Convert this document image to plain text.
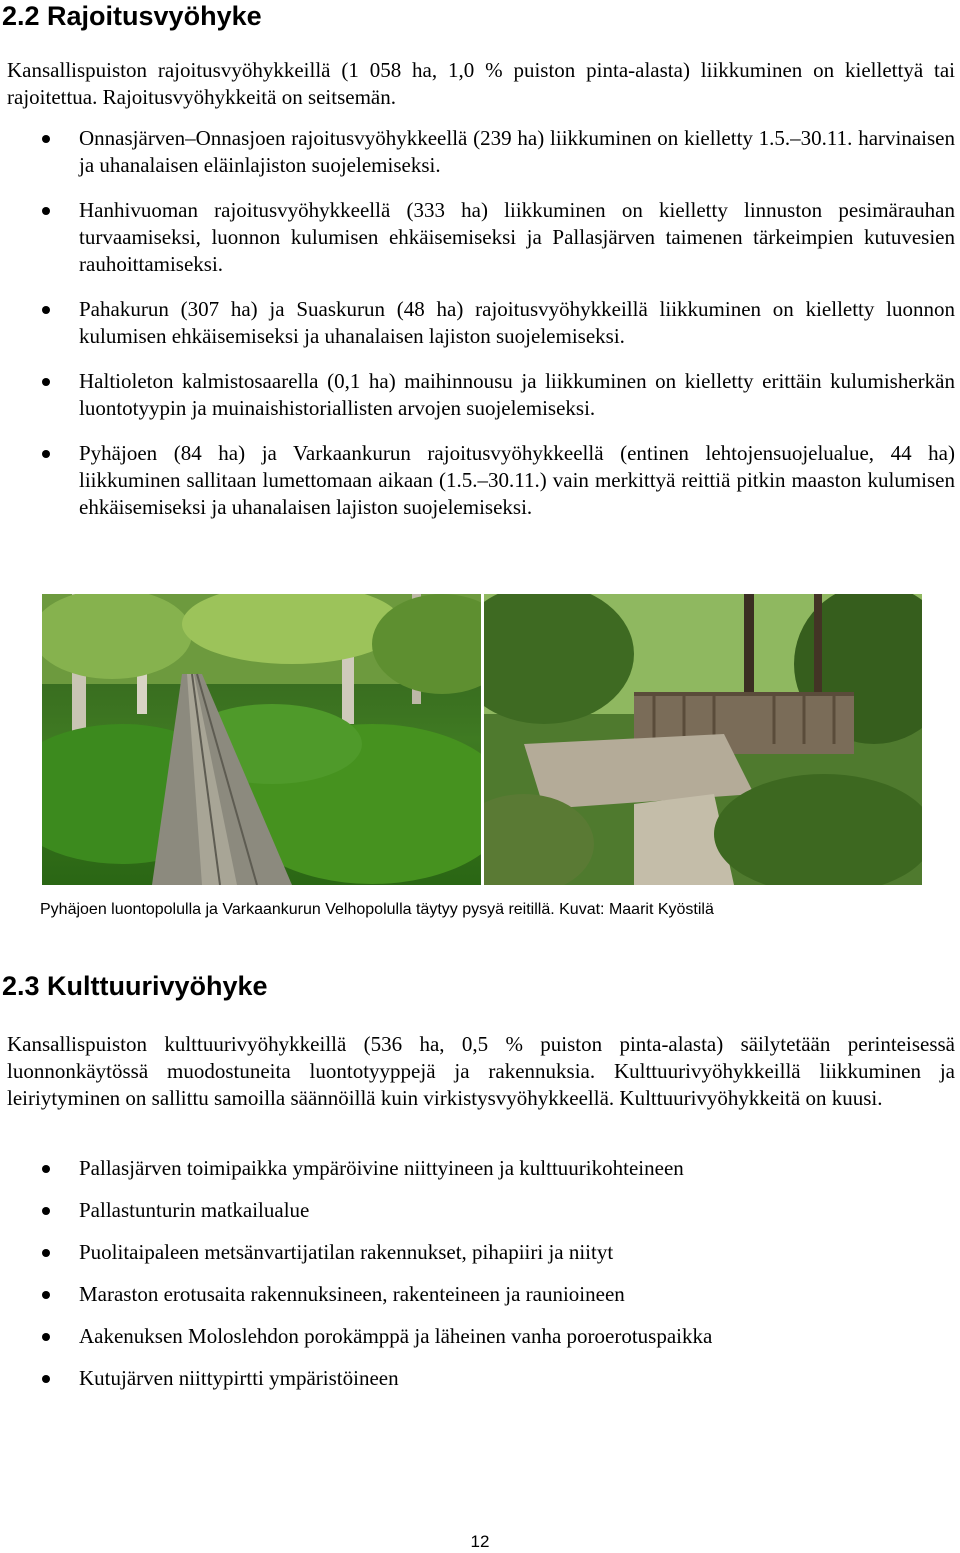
2.2 Rajoitusvyöhyke

Kansallispuiston rajoitusvyöhykkeillä (1 058 ha, 1,0 % puiston pinta-alasta) liikkuminen on kiellettyä tai rajoitettua. Rajoitusvyöhykkeitä on seitsemän.

Onnasjärven–Onnasjoen rajoitusvyöhykkeellä (239 ha) liikkuminen on kielletty 1.5.–30.11. harvinaisen ja uhanalaisen eläinlajiston suojelemiseksi.
Hanhivuoman rajoitusvyöhykkeellä (333 ha) liikkuminen on kielletty linnuston pesimärauhan turvaamiseksi, luonnon kulumisen ehkäisemiseksi ja Pallasjärven taimenen tärkeimpien kutuvesien rauhoittamiseksi.
Pahakurun (307 ha) ja Suaskurun (48 ha) rajoitusvyöhykkeillä liikkuminen on kielletty luonnon kulumisen ehkäisemiseksi ja uhanalaisen lajiston suojelemiseksi.
Haltioleton kalmistosaarella (0,1 ha) maihinnousu ja liikkuminen on kielletty erittäin kulumisherkän luontotyypin ja muinaishistoriallisten arvojen suojelemiseksi.
Pyhäjoen (84 ha) ja Varkaankurun rajoitusvyöhykkeellä (entinen lehtojensuojelualue, 44 ha) liikkuminen sallitaan lumettomaan aikaan (1.5.–30.11.) vain merkittyä reittiä pitkin maaston kulumisen ehkäisemiseksi ja uhanalaisen lajiston suojelemiseksi.

Pyhäjoen luontopolulla ja Varkaankurun Velhopolulla täytyy pysyä reitillä. Kuvat: Maarit Kyöstilä

2.3 Kulttuurivyöhyke

Kansallispuiston kulttuurivyöhykkeillä (536 ha, 0,5 % puiston pinta-alasta) säilytetään perinteisessä luonnonkäytössä muodostuneita luontotyyppejä ja rakennuksia. Kulttuurivyöhykkeillä liikkuminen ja leiriytyminen on sallittu samoilla säännöillä kuin virkistysvyöhykkeellä. Kulttuurivyöhykkeitä on kuusi.

Pallasjärven toimipaikka ympäröivine niittyineen ja kulttuurikohteineen
Pallastunturin matkailualue
Puolitaipaleen metsänvartijatilan rakennukset, pihapiiri ja niityt
Maraston erotusaita rakennuksineen, rakenteineen ja raunioineen
Aakenuksen Moloslehdon porokämppä ja läheinen vanha poroerotuspaikka
Kutujärven niittypirtti ympäristöineen
12
